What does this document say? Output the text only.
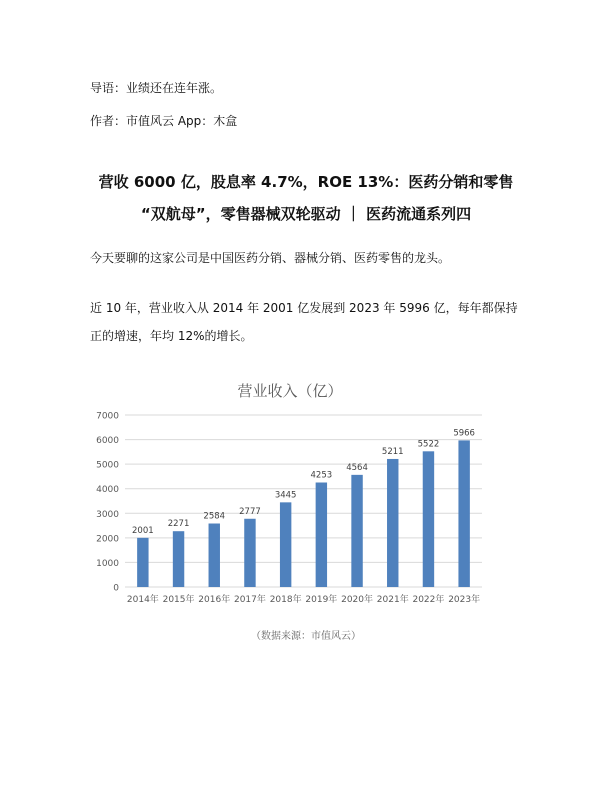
导语：业绩还在连年涨。
作者：市值风云 App：木盒
营收 6000 亿，股息率 4.7%，ROE 13%：医药分销和零售
“双航母”，零售器械双轮驱动 ｜ 医药流通系列四
今天要聊的这家公司是中国医药分销、器械分销、医药零售的龙头。
近 10 年，营业收入从 2014 年 2001 亿发展到 2023 年 5996 亿，每年都保持正的增速，年均 12%的增长。
营业收入（亿）
0
1000
2000
3000
4000
5000
6000
7000
2001
2271
2584 2777
3445
4253
4564
5211
5522
5966
2014年 2015年 2016年 2017年 2018年 2019年 2020年 2021年 2022年 2023年
（数据来源：市值风云）
